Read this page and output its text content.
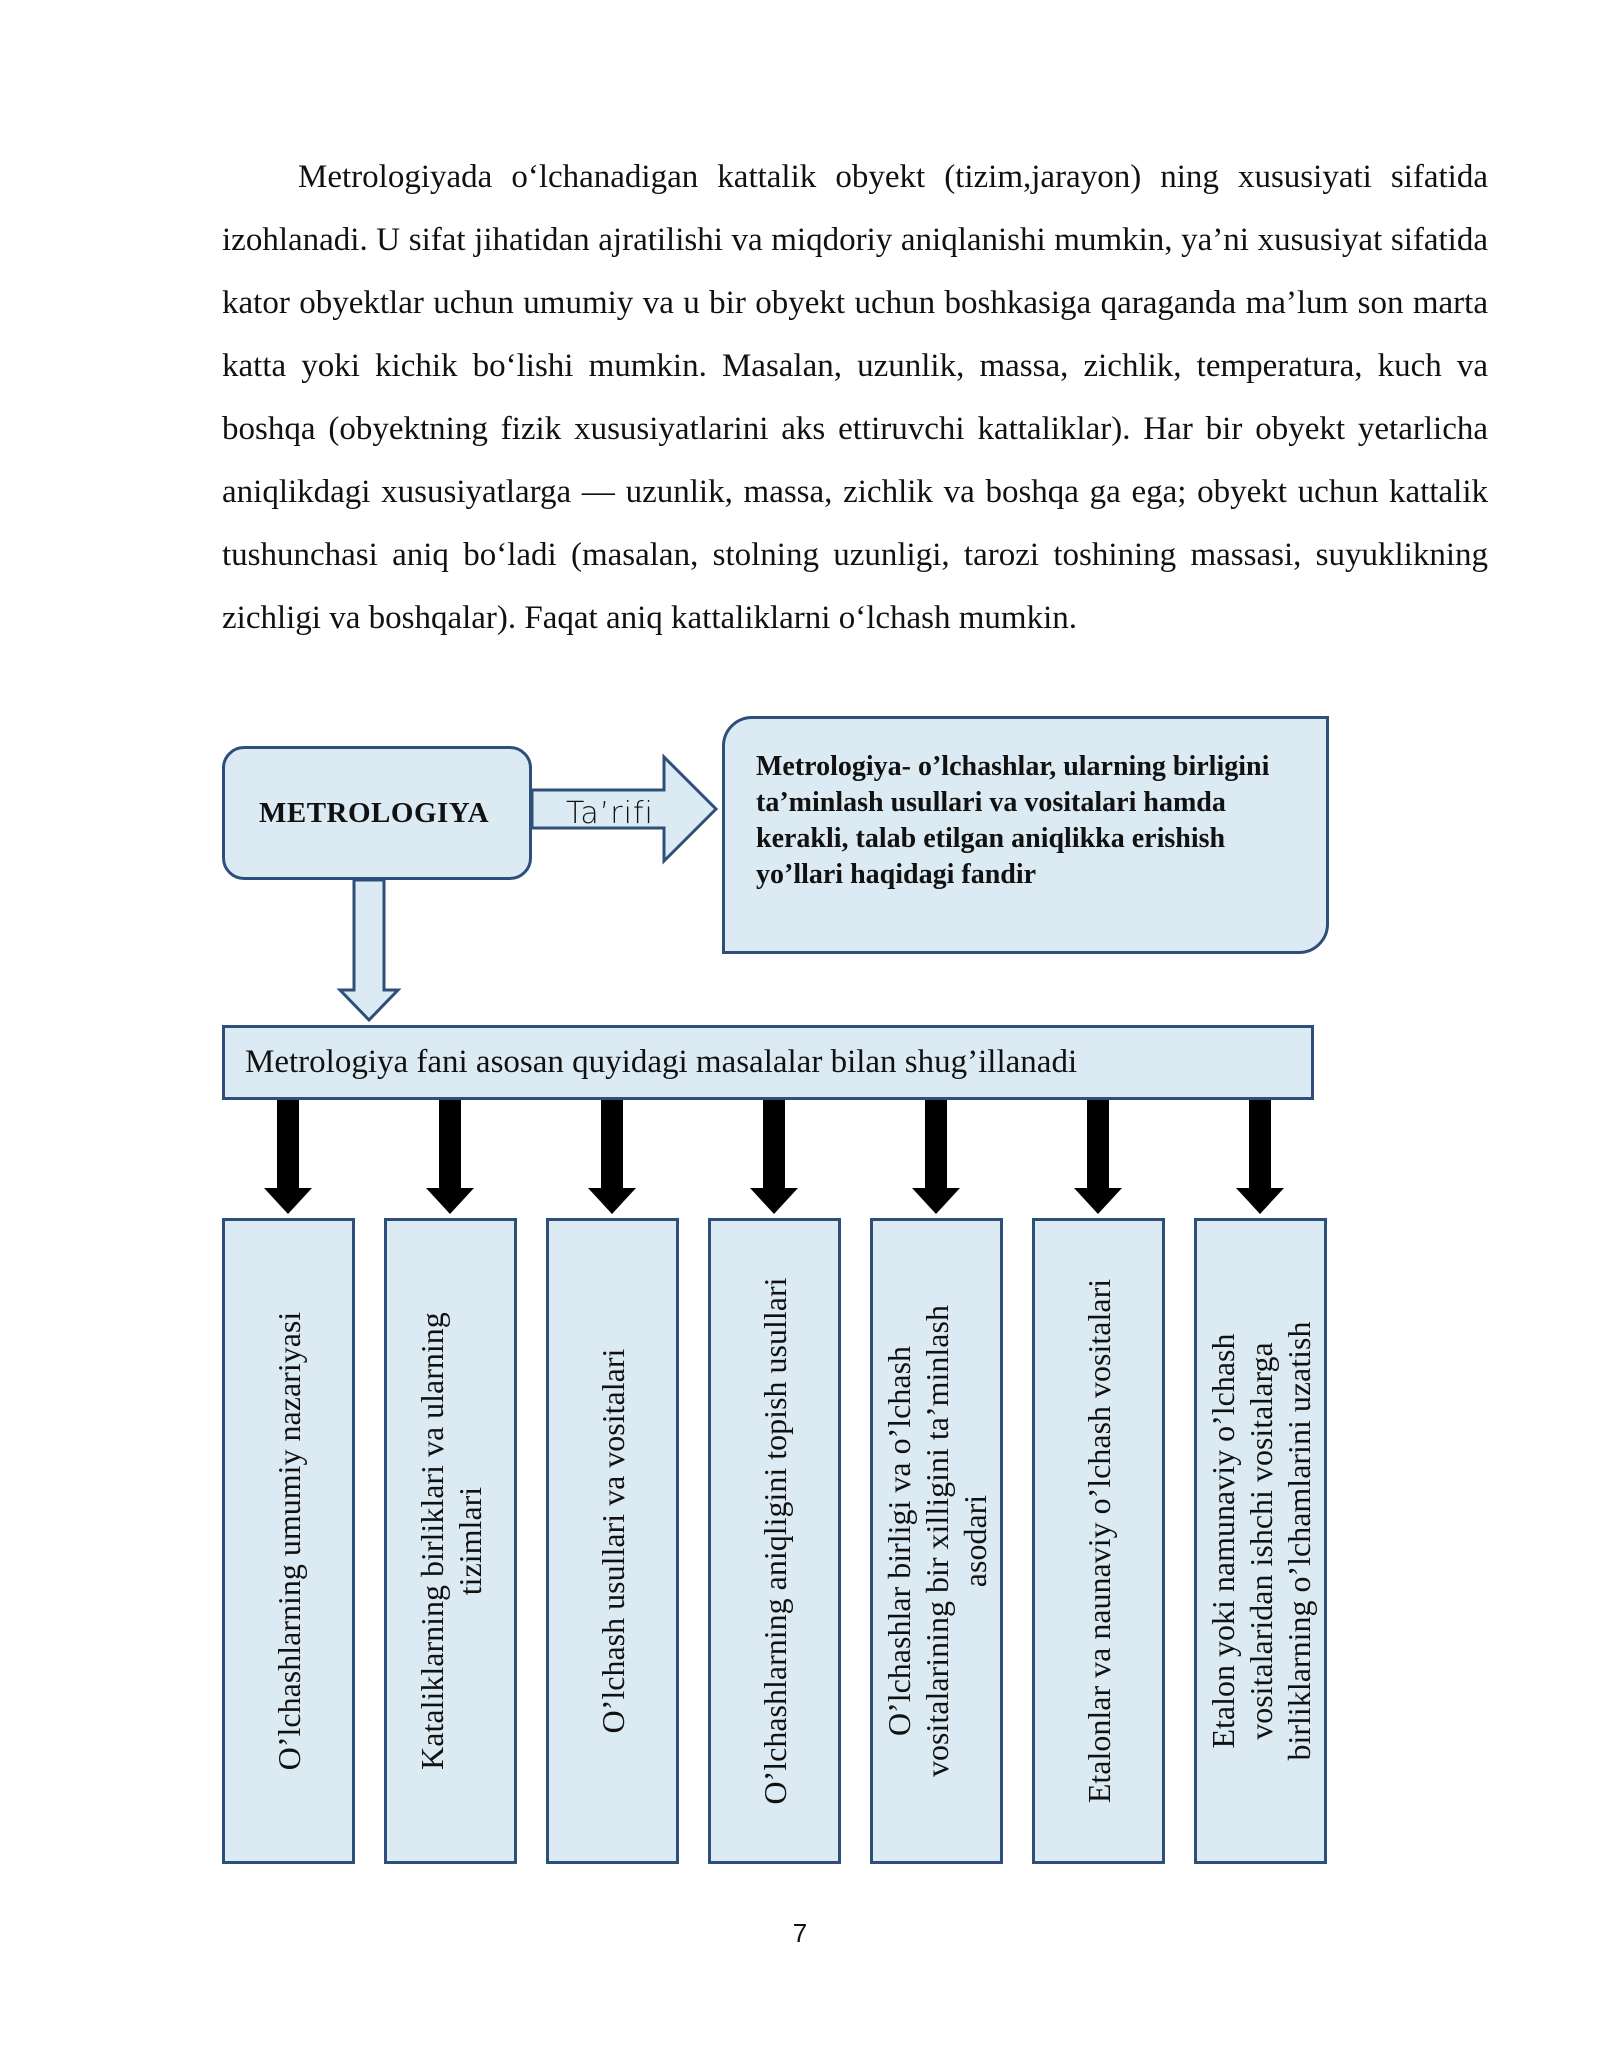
Metrologiyada o‘lchanadigan kattalik obyekt (tizim,jarayon) ning xususiyati sifatida izohlanadi. U sifat jihatidan ajratilishi va miqdoriy aniqlanishi mumkin, ya’ni xususiyat sifatida kator obyektlar uchun umumiy va u bir obyekt uchun boshkasiga qaraganda ma’lum son marta katta yoki kichik bo‘lishi mumkin. Masalan, uzunlik, massa, zichlik, temperatura, kuch va boshqa (obyektning fizik xususiyatlarini aks ettiruvchi kattaliklar). Har bir obyekt yetarlicha aniqlikdagi xususiyatlarga — uzunlik, massa, zichlik va boshqa ga ega; obyekt uchun kattalik tushunchasi aniq bo‘ladi (masalan, stolning uzunligi, tarozi toshining massasi, suyuklikning zichligi va boshqalar). Faqat aniq kattaliklarni o‘lchash mumkin.

METROLOGIYA	Ta’rifi
Metrologiya- o’lchashlar, ularning birligini ta’minlash usullari va vositalari hamda kerakli, talab etilgan aniqlikka erishish yo’llari haqidagi fandir
Metrologiya fani asosan quyidagi masalalar bilan shug’illanadi
O’lchashlarning umumiy nazariyasi	Kataliklarning birliklari va ularning tizimlari	O’lchash usullari va vositalari	O’lchashlarning aniqligini topish usullari	O’lchashlar birligi va o’lchash vositalarining bir xilligini ta’minlash asodari	Etalonlar va naunaviy o’lchash vositalari	Etalon yoki namunaviy o’lchash vositalaridan ishchi vositalarga birliklarning o’lchamlarini uzatish
7
